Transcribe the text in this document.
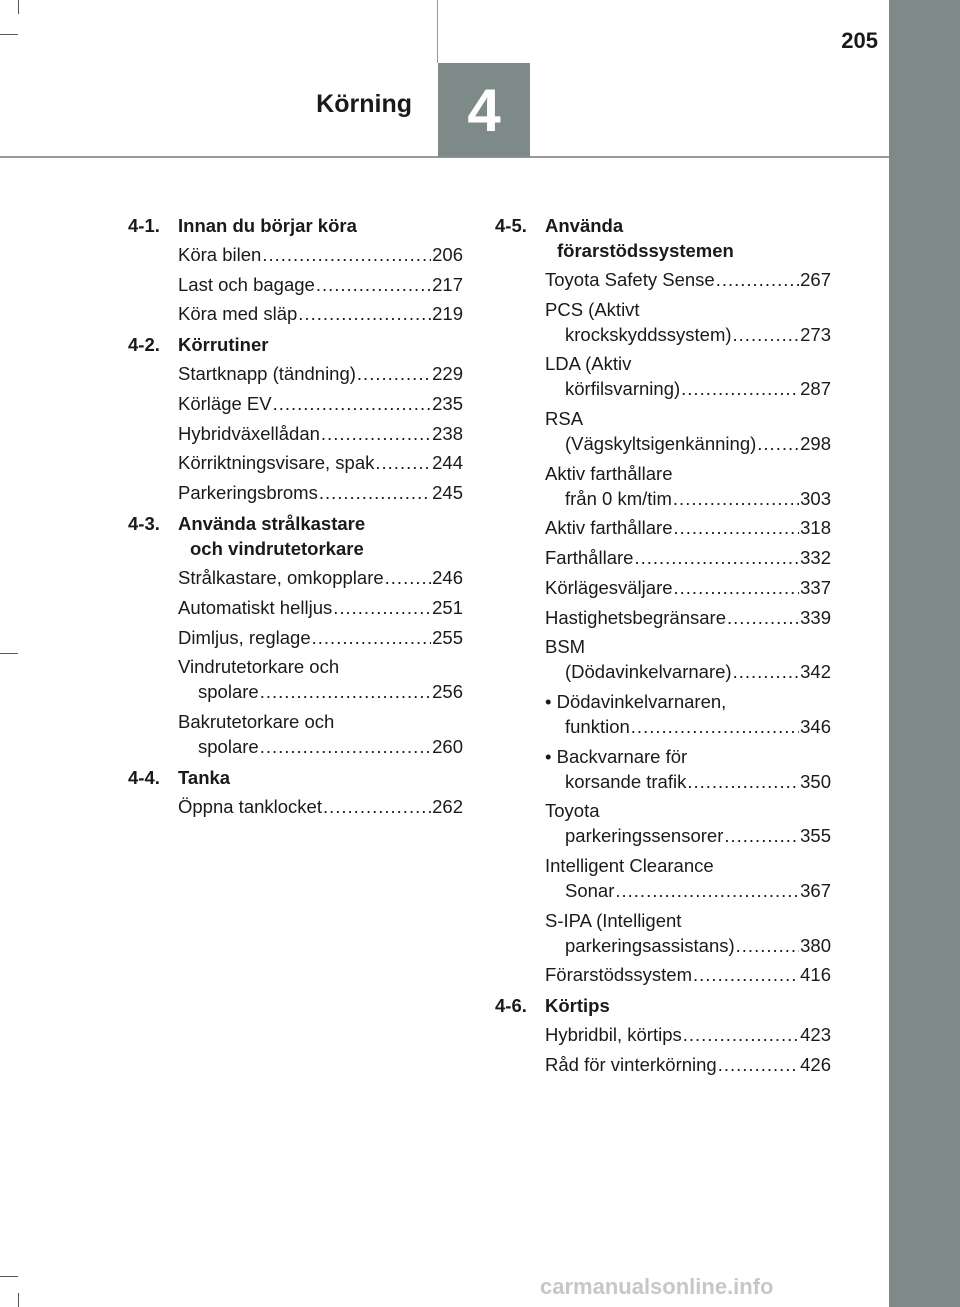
205
Körning 4
4-1. Innan du börjar köra
Köra bilen .....	206
Last och bagage .....	217
Köra med släp .....	219
4-2. Körrutiner
Startknapp (tändning) .....	229
Körläge EV .....	235
Hybridväxellådan .....	238
Körriktningsvisare, spak .....	244
Parkeringsbroms .....	245
4-3. Använda strålkastare
och vindrutetorkare
Strålkastare, omkopplare .....	246
Automatiskt helljus .....	251
Dimljus, reglage .....	255
Vindrutetorkare och
spolare .....	256
Bakrutetorkare och
spolare .....	260
4-4. Tanka
Öppna tanklocket .....	262
4-5. Använda
förarstödssystemen
Toyota Safety Sense .....	267
PCS (Aktivt
krockskyddssystem) .....	273
LDA (Aktiv
körfilsvarning) .....	287
RSA
(Vägskyltsigenkänning) ..... 298
Aktiv farthållare
från 0 km/tim .....	303
Aktiv farthållare .....	318
Farthållare .....	332
Körlägesväljare .....	337
Hastighetsbegränsare .....	339
BSM
(Dödavinkelvarnare) .....	342
• Dödavinkelvarnaren,
funktion .....	346
• Backvarnare för
korsande trafik .....	350
Toyota
parkeringssensorer .....	355
Intelligent Clearance
Sonar .....	367
S-IPA (Intelligent
parkeringsassistans) .....	380
Förarstödssystem .....	416
4-6. Körtips
Hybridbil, körtips .....	423
Råd för vinterkörning .....	426
carmanualsonline.info
